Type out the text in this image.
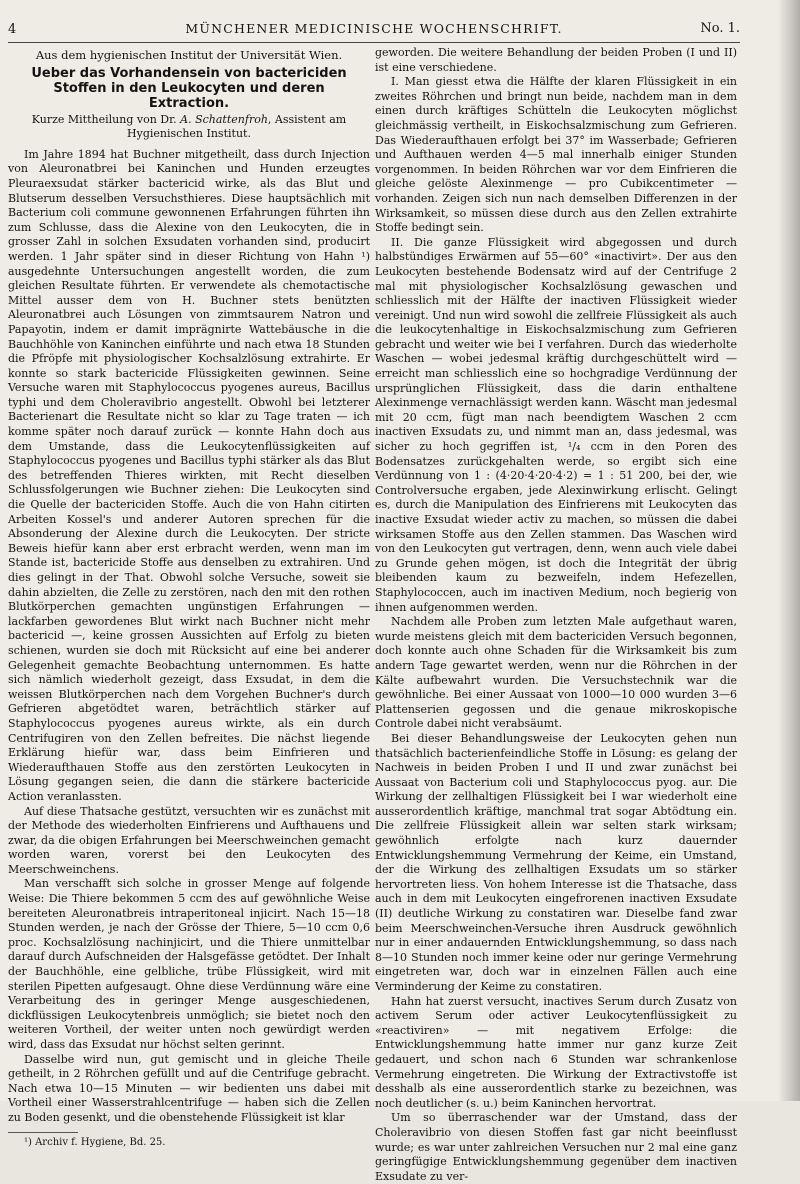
4	MÜNCHENER MEDICINISCHE WOCHENSCHRIFT.	No. 1.
Aus dem hygienischen Institut der Universität Wien.
Ueber das Vorhandensein von bactericiden Stoffen in den Leukocyten und deren Extraction.
Kurze Mittheilung von Dr. A. Schattenfroh, Assistent am Hygienischen Institut.

Im Jahre 1894 hat Buchner mitgetheilt, dass durch Injection von Aleuronatbrei bei Kaninchen und Hunden erzeugtes Pleuraexsudat stärker bactericid wirke, als das Blut und Blutserum desselben Versuchsthieres. Diese hauptsächlich mit Bacterium coli commune gewonnenen Erfahrungen führten ihn zum Schlusse, dass die Alexine von den Leukocyten, die in grosser Zahl in solchen Exsudaten vorhanden sind, producirt werden. 1 Jahr später sind in dieser Richtung von Hahn ¹) ausgedehnte Untersuchungen angestellt worden, die zum gleichen Resultate führten. Er verwendete als chemotactische Mittel ausser dem von H. Buchner stets benützten Aleuronatbrei auch Lösungen von zimmtsaurem Natron und Papayotin, indem er damit imprägnirte Wattebäusche in die Bauchhöhle von Kaninchen einführte und nach etwa 18 Stunden die Pfröpfe mit physiologischer Kochsalzlösung extrahirte. Er konnte so stark bactericide Flüssigkeiten gewinnen. Seine Versuche waren mit Staphylococcus pyogenes aureus, Bacillus typhi und dem Choleravibrio angestellt. Obwohl bei letzterer Bacterienart die Resultate nicht so klar zu Tage traten — ich komme später noch darauf zurück — konnte Hahn doch aus dem Umstande, dass die Leukocytenflüssigkeiten auf Staphylococcus pyogenes und Bacillus typhi stärker als das Blut des betreffenden Thieres wirkten, mit Recht dieselben Schlussfolgerungen wie Buchner ziehen: Die Leukocyten sind die Quelle der bactericiden Stoffe. Auch die von Hahn citirten Arbeiten Kossel's und anderer Autoren sprechen für die Absonderung der Alexine durch die Leukocyten. Der stricte Beweis hiefür kann aber erst erbracht werden, wenn man im Stande ist, bactericide Stoffe aus denselben zu extrahiren. Und dies gelingt in der That. Obwohl solche Versuche, soweit sie dahin abzielten, die Zelle zu zerstören, nach den mit den rothen Blutkörperchen gemachten ungünstigen Erfahrungen — lackfarben gewordenes Blut wirkt nach Buchner nicht mehr bactericid —, keine grossen Aussichten auf Erfolg zu bieten schienen, wurden sie doch mit Rücksicht auf eine bei anderer Gelegenheit gemachte Beobachtung unternommen. Es hatte sich nämlich wiederholt gezeigt, dass Exsudat, in dem die weissen Blutkörperchen nach dem Vorgehen Buchner's durch Gefrieren abgetödtet waren, beträchtlich stärker auf Staphylococcus pyogenes aureus wirkte, als ein durch Centrifugiren von den Zellen befreites. Die nächst liegende Erklärung hiefür war, dass beim Einfrieren und Wiederaufthauen Stoffe aus den zerstörten Leukocyten in Lösung gegangen seien, die dann die stärkere bactericide Action veranlassten.

Auf diese Thatsache gestützt, versuchten wir es zunächst mit der Methode des wiederholten Einfrierens und Aufthauens und zwar, da die obigen Erfahrungen bei Meerschweinchen gemacht worden waren, vorerst bei den Leukocyten des Meerschweinchens.

Man verschafft sich solche in grosser Menge auf folgende Weise: Die Thiere bekommen 5 ccm des auf gewöhnliche Weise bereiteten Aleuronatbreis intraperitoneal injicirt. Nach 15—18 Stunden werden, je nach der Grösse der Thiere, 5—10 ccm 0,6 proc. Kochsalzlösung nachinjicirt, und die Thiere unmittelbar darauf durch Aufschneiden der Halsgefässe getödtet. Der Inhalt der Bauchhöhle, eine gelbliche, trübe Flüssigkeit, wird mit sterilen Pipetten aufgesaugt. Ohne diese Verdünnung wäre eine Verarbeitung des in geringer Menge ausgeschiedenen, dickflüssigen Leukocytenbreis unmöglich; sie bietet noch den weiteren Vortheil, der weiter unten noch gewürdigt werden wird, dass das Exsudat nur höchst selten gerinnt.

Dasselbe wird nun, gut gemischt und in gleiche Theile getheilt, in 2 Röhrchen gefüllt und auf die Centrifuge gebracht. Nach etwa 10—15 Minuten — wir bedienten uns dabei mit Vortheil einer Wasserstrahlcentrifuge — haben sich die Zellen zu Boden gesenkt, und die obenstehende Flüssigkeit ist klar

¹) Archiv f. Hygiene, Bd. 25.

geworden. Die weitere Behandlung der beiden Proben (I und II) ist eine verschiedene.

I. Man giesst etwa die Hälfte der klaren Flüssigkeit in ein zweites Röhrchen und bringt nun beide, nachdem man in dem einen durch kräftiges Schütteln die Leukocyten möglichst gleichmässig vertheilt, in Eiskochsalzmischung zum Gefrieren. Das Wiederaufthauen erfolgt bei 37° im Wasserbade; Gefrieren und Aufthauen werden 4—5 mal innerhalb einiger Stunden vorgenommen. In beiden Röhrchen war vor dem Einfrieren die gleiche gelöste Alexinmenge — pro Cubikcentimeter — vorhanden. Zeigen sich nun nach demselben Differenzen in der Wirksamkeit, so müssen diese durch aus den Zellen extrahirte Stoffe bedingt sein.

II. Die ganze Flüssigkeit wird abgegossen und durch halbstündiges Erwärmen auf 55—60° «inactivirt». Der aus den Leukocyten bestehende Bodensatz wird auf der Centrifuge 2 mal mit physiologischer Kochsalzlösung gewaschen und schliesslich mit der Hälfte der inactiven Flüssigkeit wieder vereinigt. Und nun wird sowohl die zellfreie Flüssigkeit als auch die leukocytenhaltige in Eiskochsalzmischung zum Gefrieren gebracht und weiter wie bei I verfahren. Durch das wiederholte Waschen — wobei jedesmal kräftig durchgeschüttelt wird — erreicht man schliesslich eine so hochgradige Verdünnung der ursprünglichen Flüssigkeit, dass die darin enthaltene Alexinmenge vernachlässigt werden kann. Wäscht man jedesmal mit 20 ccm, fügt man nach beendigtem Waschen 2 ccm inactiven Exsudats zu, und nimmt man an, dass jedesmal, was sicher zu hoch gegriffen ist, ¹/₄ ccm in den Poren des Bodensatzes zurückgehalten werde, so ergibt sich eine Verdünnung von 1 : (4·20·4·20·4·2) = 1 : 51 200, bei der, wie Controlversuche ergaben, jede Alexinwirkung erlischt. Gelingt es, durch die Manipulation des Einfrierens mit Leukocyten das inactive Exsudat wieder activ zu machen, so müssen die dabei wirksamen Stoffe aus den Zellen stammen. Das Waschen wird von den Leukocyten gut vertragen, denn, wenn auch viele dabei zu Grunde gehen mögen, ist doch die Integrität der übrig bleibenden kaum zu bezweifeln, indem Hefezellen, Staphylococcen, auch im inactiven Medium, noch begierig von ihnen aufgenommen werden.

Nachdem alle Proben zum letzten Male aufgethaut waren, wurde meistens gleich mit dem bactericiden Versuch begonnen, doch konnte auch ohne Schaden für die Wirksamkeit bis zum andern Tage gewartet werden, wenn nur die Röhrchen in der Kälte aufbewahrt wurden. Die Versuchstechnik war die gewöhnliche. Bei einer Aussaat von 1000—10 000 wurden 3—6 Plattenserien gegossen und die genaue mikroskopische Controle dabei nicht verabsäumt.

Bei dieser Behandlungsweise der Leukocyten gehen nun thatsächlich bacterienfeindliche Stoffe in Lösung: es gelang der Nachweis in beiden Proben I und II und zwar zunächst bei Aussaat von Bacterium coli und Staphylococcus pyog. aur. Die Wirkung der zellhaltigen Flüssigkeit bei I war wiederholt eine ausserordentlich kräftige, manchmal trat sogar Abtödtung ein. Die zellfreie Flüssigkeit allein war selten stark wirksam; gewöhnlich erfolgte nach kurz dauernder Entwicklungshemmung Vermehrung der Keime, ein Umstand, der die Wirkung des zellhaltigen Exsudats um so stärker hervortreten liess. Von hohem Interesse ist die Thatsache, dass auch in dem mit Leukocyten eingefrorenen inactiven Exsudate (II) deutliche Wirkung zu constatiren war. Dieselbe fand zwar beim Meerschweinchen-Versuche ihren Ausdruck gewöhnlich nur in einer andauernden Entwicklungshemmung, so dass nach 8—10 Stunden noch immer keine oder nur geringe Vermehrung eingetreten war, doch war in einzelnen Fällen auch eine Verminderung der Keime zu constatiren.

Hahn hat zuerst versucht, inactives Serum durch Zusatz von activem Serum oder activer Leukocytenflüssigkeit zu «reactiviren» — mit negativem Erfolge: die Entwicklungshemmung hatte immer nur ganz kurze Zeit gedauert, und schon nach 6 Stunden war schrankenlose Vermehrung eingetreten. Die Wirkung der Extractivstoffe ist desshalb als eine ausserordentlich starke zu bezeichnen, was noch deutlicher (s. u.) beim Kaninchen hervortrat.

Um so überraschender war der Umstand, dass der Choleravibrio von diesen Stoffen fast gar nicht beeinflusst wurde; es war unter zahlreichen Versuchen nur 2 mal eine ganz geringfügige Entwicklungshemmung gegenüber dem inactiven Exsudate zu ver-
